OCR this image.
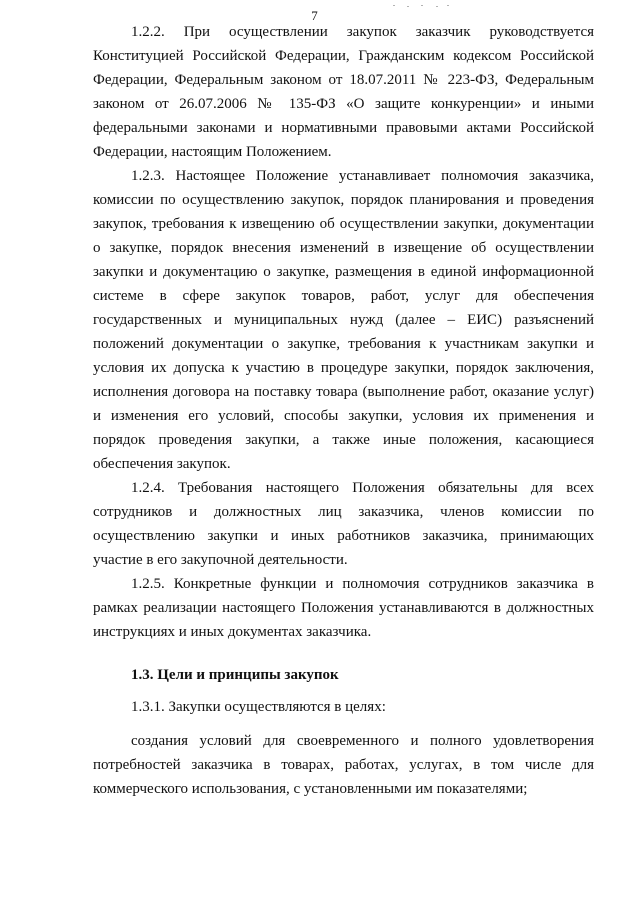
7

1.2.2. При осуществлении закупок заказчик руководствуется Конституцией Российской Федерации, Гражданским кодексом Российской Федерации, Федеральным законом от 18.07.2011 № 223-ФЗ, Федеральным законом от 26.07.2006 № 135-ФЗ «О защите конкуренции» и иными федеральными законами и нормативными правовыми актами Российской Федерации, настоящим Положением.

1.2.3. Настоящее Положение устанавливает полномочия заказчика, комиссии по осуществлению закупок, порядок планирования и проведения закупок, требования к извещению об осуществлении закупки, документации о закупке, порядок внесения изменений в извещение об осуществлении закупки и документацию о закупке, размещения в единой информационной системе в сфере закупок товаров, работ, услуг для обеспечения государственных и муниципальных нужд (далее – ЕИС) разъяснений положений документации о закупке, требования к участникам закупки и условия их допуска к участию в процедуре закупки, порядок заключения, исполнения договора на поставку товара (выполнение работ, оказание услуг) и изменения его условий, способы закупки, условия их применения и порядок проведения закупки, а также иные положения, касающиеся обеспечения закупок.

1.2.4. Требования настоящего Положения обязательны для всех сотрудников и должностных лиц заказчика, членов комиссии по осуществлению закупки и иных работников заказчика, принимающих участие в его закупочной деятельности.

1.2.5. Конкретные функции и полномочия сотрудников заказчика в рамках реализации настоящего Положения устанавливаются в должностных инструкциях и иных документах заказчика.

1.3. Цели и принципы закупок

1.3.1. Закупки осуществляются в целях:

создания условий для своевременного и полного удовлетворения потребностей заказчика в товарах, работах, услугах, в том числе для коммерческого использования, с установленными им показателями;
